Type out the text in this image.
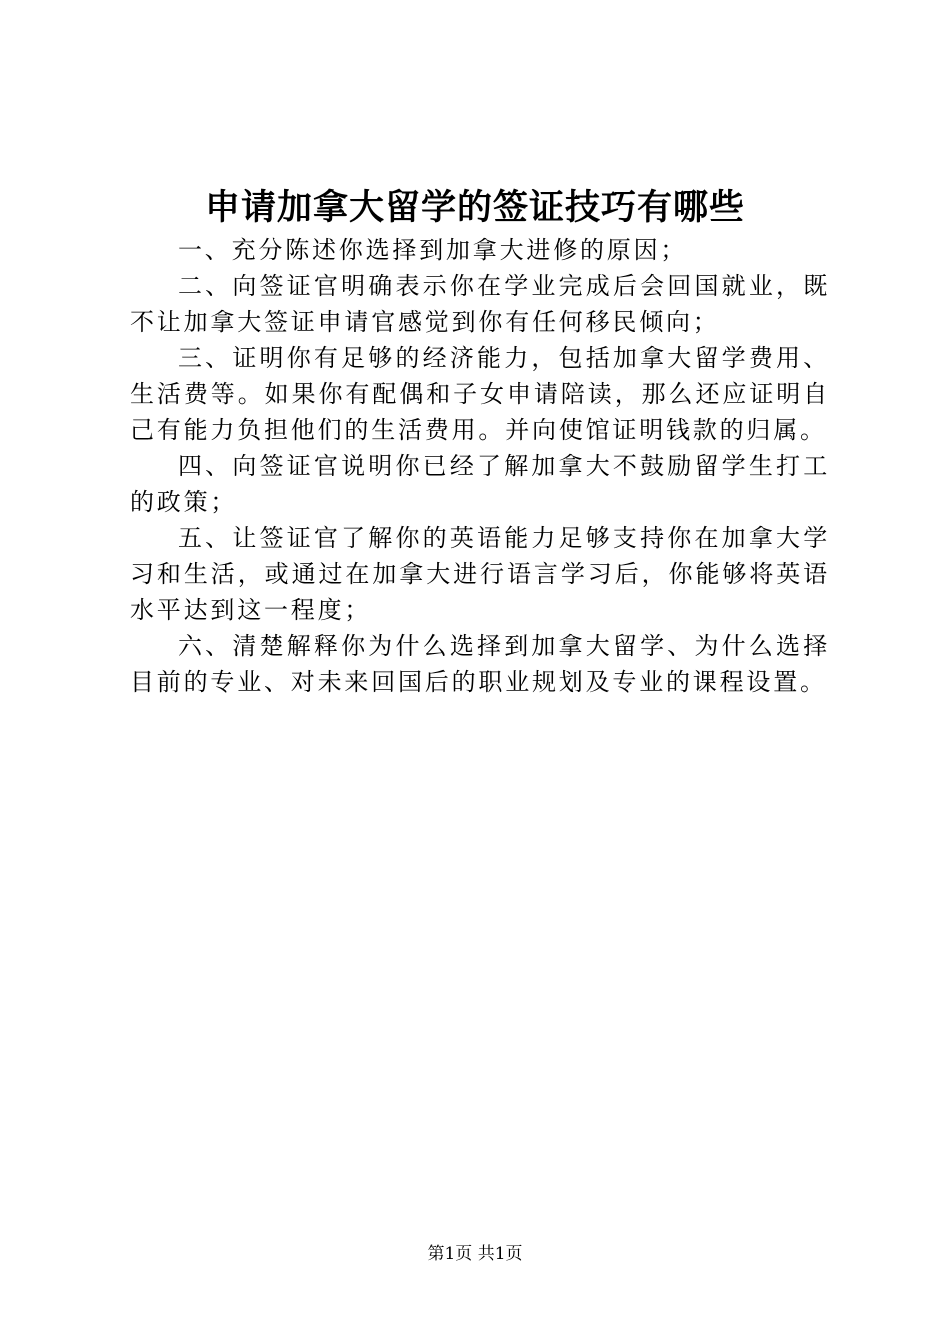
申请加拿大留学的签证技巧有哪些

一、充分陈述你选择到加拿大进修的原因；

二、向签证官明确表示你在学业完成后会回国就业，既不让加拿大签证申请官感觉到你有任何移民倾向；

三、证明你有足够的经济能力，包括加拿大留学费用、生活费等。如果你有配偶和子女申请陪读，那么还应证明自己有能力负担他们的生活费用。并向使馆证明钱款的归属。

四、向签证官说明你已经了解加拿大不鼓励留学生打工的政策；

五、让签证官了解你的英语能力足够支持你在加拿大学习和生活，或通过在加拿大进行语言学习后，你能够将英语水平达到这一程度；

六、清楚解释你为什么选择到加拿大留学、为什么选择目前的专业、对未来回国后的职业规划及专业的课程设置。

第1页 共1页
